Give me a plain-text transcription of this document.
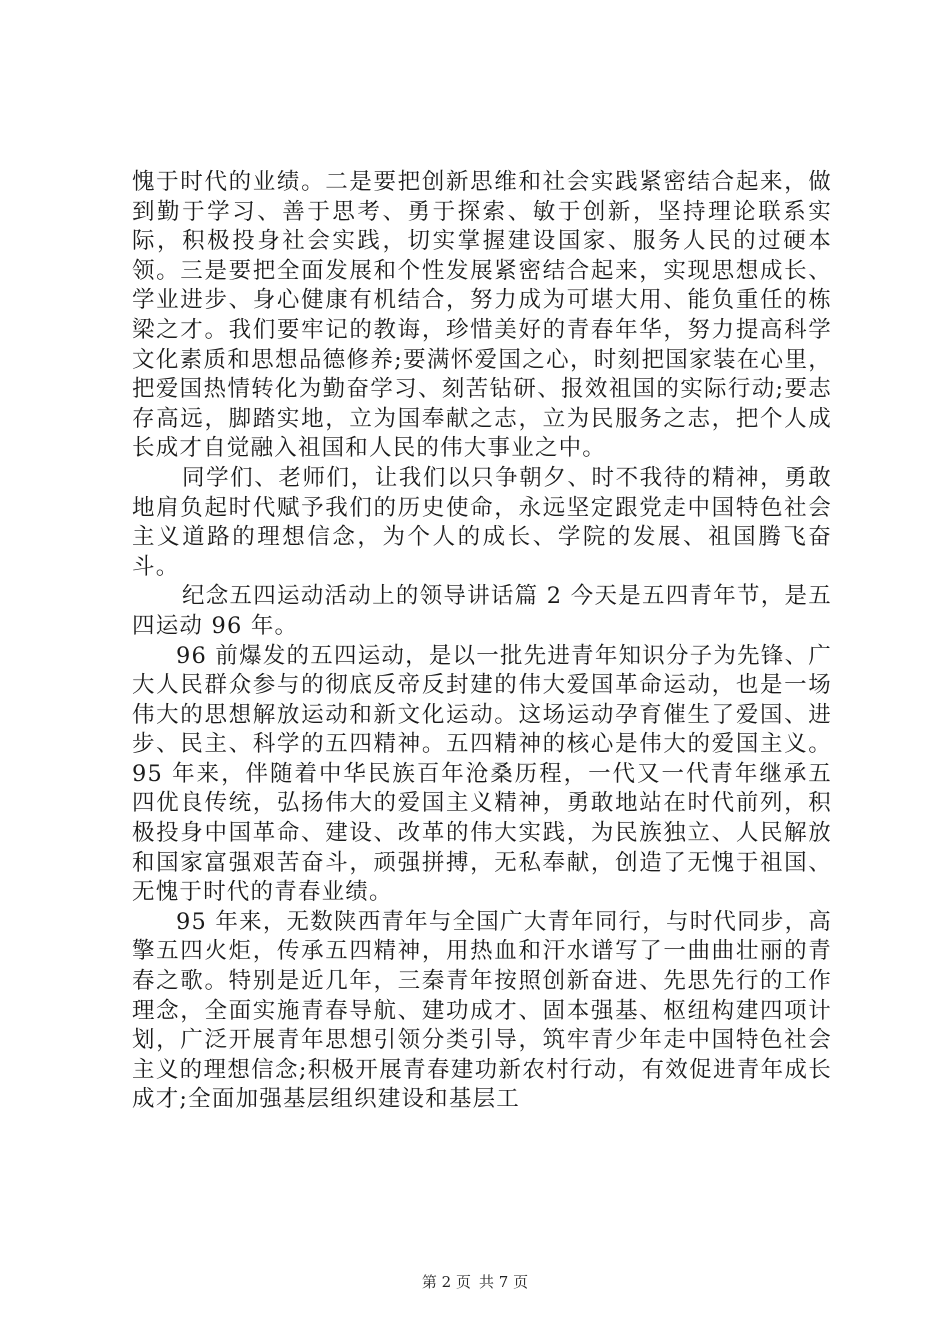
愧于时代的业绩。二是要把创新思维和社会实践紧密结合起来，做到勤于学习、善于思考、勇于探索、敏于创新，坚持理论联系实际，积极投身社会实践，切实掌握建设国家、服务人民的过硬本领。三是要把全面发展和个性发展紧密结合起来，实现思想成长、学业进步、身心健康有机结合，努力成为可堪大用、能负重任的栋梁之才。我们要牢记的教诲，珍惜美好的青春年华，努力提高科学文化素质和思想品德修养;要满怀爱国之心，时刻把国家装在心里，把爱国热情转化为勤奋学习、刻苦钻研、报效祖国的实际行动;要志存高远，脚踏实地，立为国奉献之志，立为民服务之志，把个人成长成才自觉融入祖国和人民的伟大事业之中。

同学们、老师们，让我们以只争朝夕、时不我待的精神，勇敢地肩负起时代赋予我们的历史使命，永远坚定跟党走中国特色社会主义道路的理想信念，为个人的成长、学院的发展、祖国腾飞奋斗。

纪念五四运动活动上的领导讲话篇 2 今天是五四青年节，是五四运动 96 年。

96 前爆发的五四运动，是以一批先进青年知识分子为先锋、广大人民群众参与的彻底反帝反封建的伟大爱国革命运动，也是一场伟大的思想解放运动和新文化运动。这场运动孕育催生了爱国、进步、民主、科学的五四精神。五四精神的核心是伟大的爱国主义。95 年来，伴随着中华民族百年沧桑历程，一代又一代青年继承五四优良传统，弘扬伟大的爱国主义精神，勇敢地站在时代前列，积极投身中国革命、建设、改革的伟大实践，为民族独立、人民解放和国家富强艰苦奋斗，顽强拼搏，无私奉献，创造了无愧于祖国、无愧于时代的青春业绩。

95 年来，无数陕西青年与全国广大青年同行，与时代同步，高擎五四火炬，传承五四精神，用热血和汗水谱写了一曲曲壮丽的青春之歌。特别是近几年，三秦青年按照创新奋进、先思先行的工作理念，全面实施青春导航、建功成才、固本强基、枢纽构建四项计划，广泛开展青年思想引领分类引导，筑牢青少年走中国特色社会主义的理想信念;积极开展青春建功新农村行动，有效促进青年成长成才;全面加强基层组织建设和基层工

第 2 页 共 7 页
